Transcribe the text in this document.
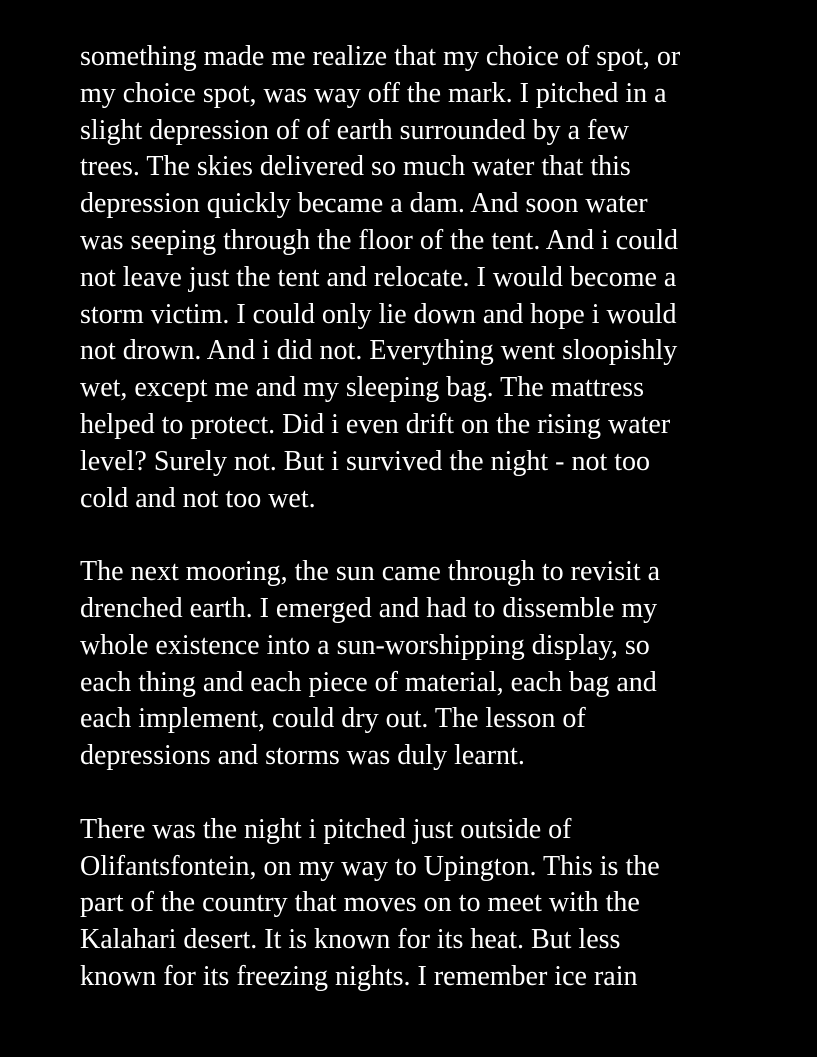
something made me realize that my choice of spot, or
my choice spot, was way off the mark. I pitched in a
slight depression of of earth surrounded by a few
trees. The skies delivered so much water that this
depression quickly became a dam. And soon water
was seeping through the floor of the tent. And i could
not leave just the tent and relocate. I would become a
storm victim. I could only lie down and hope i would
not drown. And i did not. Everything went sloopishly
wet, except me and my sleeping bag. The mattress
helped to protect. Did i even drift on the rising water
level? Surely not. But i survived the night - not too
cold and not too wet.
The next mooring, the sun came through to revisit a
drenched earth. I emerged and had to dissemble my
whole existence into a sun-worshipping display, so
each thing and each piece of material, each bag and
each implement, could dry out. The lesson of
depressions and storms was duly learnt.
There was the night i pitched just outside of
Olifantsfontein, on my way to Upington. This is the
part of the country that moves on to meet with the
Kalahari desert. It is known for its heat. But less
known for its freezing nights. I remember ice rain
